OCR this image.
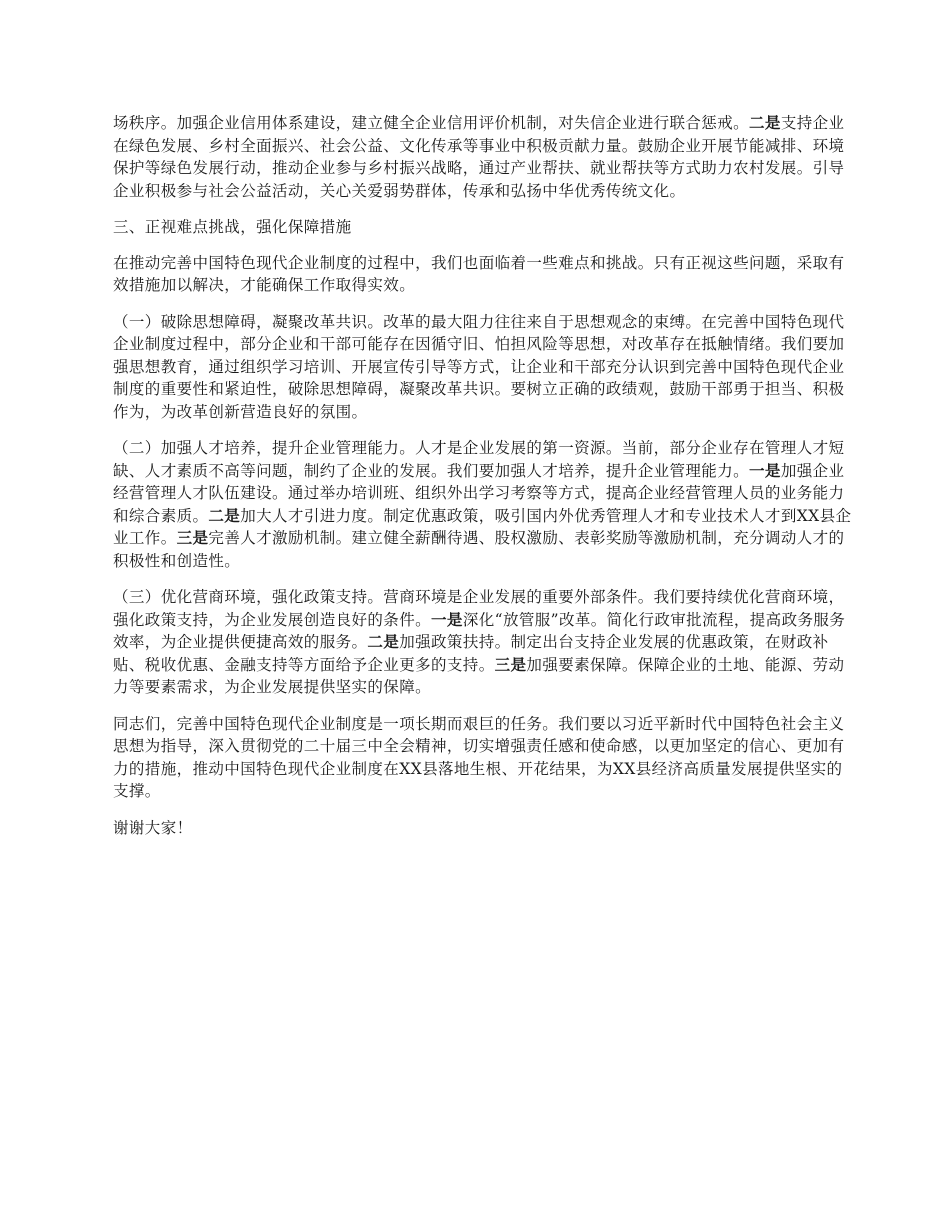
场秩序。加强企业信用体系建设，建立健全企业信用评价机制，对失信企业进行联合惩戒。二是支持企业在绿色发展、乡村全面振兴、社会公益、文化传承等事业中积极贡献力量。鼓励企业开展节能减排、环境保护等绿色发展行动，推动企业参与乡村振兴战略，通过产业帮扶、就业帮扶等方式助力农村发展。引导企业积极参与社会公益活动，关心关爱弱势群体，传承和弘扬中华优秀传统文化。

三、正视难点挑战，强化保障措施

在推动完善中国特色现代企业制度的过程中，我们也面临着一些难点和挑战。只有正视这些问题，采取有效措施加以解决，才能确保工作取得实效。

（一）破除思想障碍，凝聚改革共识。改革的最大阻力往往来自于思想观念的束缚。在完善中国特色现代企业制度过程中，部分企业和干部可能存在因循守旧、怕担风险等思想，对改革存在抵触情绪。我们要加强思想教育，通过组织学习培训、开展宣传引导等方式，让企业和干部充分认识到完善中国特色现代企业制度的重要性和紧迫性，破除思想障碍，凝聚改革共识。要树立正确的政绩观，鼓励干部勇于担当、积极作为，为改革创新营造良好的氛围。

（二）加强人才培养，提升企业管理能力。人才是企业发展的第一资源。当前，部分企业存在管理人才短缺、人才素质不高等问题，制约了企业的发展。我们要加强人才培养，提升企业管理能力。一是加强企业经营管理人才队伍建设。通过举办培训班、组织外出学习考察等方式，提高企业经营管理人员的业务能力和综合素质。二是加大人才引进力度。制定优惠政策，吸引国内外优秀管理人才和专业技术人才到XX县企业工作。三是完善人才激励机制。建立健全薪酬待遇、股权激励、表彰奖励等激励机制，充分调动人才的积极性和创造性。

（三）优化营商环境，强化政策支持。营商环境是企业发展的重要外部条件。我们要持续优化营商环境，强化政策支持，为企业发展创造良好的条件。一是深化“放管服”改革。简化行政审批流程，提高政务服务效率，为企业提供便捷高效的服务。二是加强政策扶持。制定出台支持企业发展的优惠政策，在财政补贴、税收优惠、金融支持等方面给予企业更多的支持。三是加强要素保障。保障企业的土地、能源、劳动力等要素需求，为企业发展提供坚实的保障。

同志们，完善中国特色现代企业制度是一项长期而艰巨的任务。我们要以习近平新时代中国特色社会主义思想为指导，深入贯彻党的二十届三中全会精神，切实增强责任感和使命感，以更加坚定的信心、更加有力的措施，推动中国特色现代企业制度在XX县落地生根、开花结果，为XX县经济高质量发展提供坚实的支撑。

谢谢大家！
